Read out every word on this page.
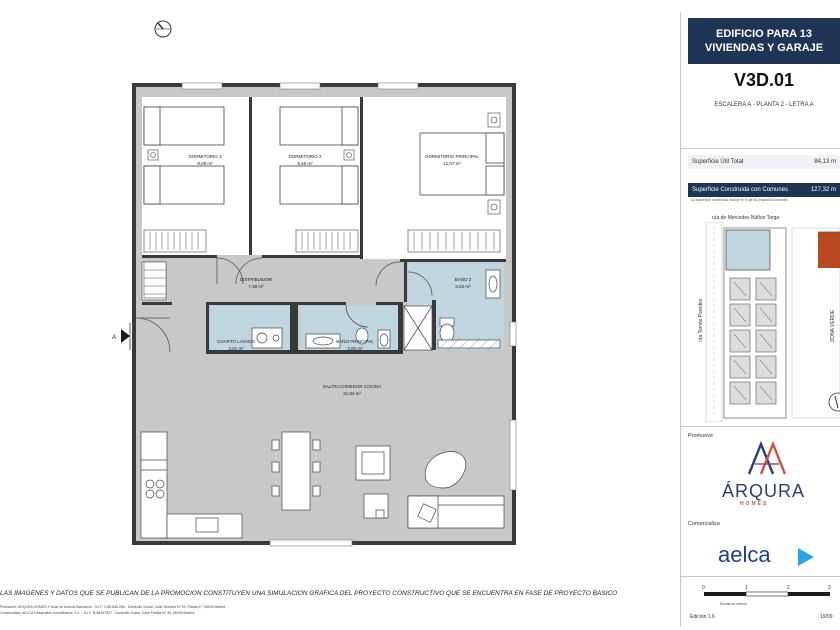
A
DORMITORIO 3
9,09 m²
DORMITORIO 2
9,46 m²
DORMITORIO PRINCIPAL
12,07 m²
DISTRIBUIDOR
7,38 m²
BAÑO 2
3,82 m²
CUARTO LAVADO
3,01 m²
BAÑO PRINCIPAL
3,80 m²
SALÓN COMEDOR COCINA
31,84 m²
EDIFICIO PARA 13
VIVIENDAS Y GARAJE
V3D.01
ESCALERA A - PLANTA 2 - LETRA A
Superficie Útil Total	84,13 m
Superficie Construida con Comunes	127,32 m
La superficie construida incluye el % de los espacios comunes
rúa de Mercedes Núñez Targa
rúa Tomás Paredes	ZONA VERDE
Promueve
ÁRQURA
HOMES
Comercializa
aelca
0	1	2	3
Escala en metros
Edición 1.6	19/09
LAS IMÁGENES Y DATOS QUE SE PUBLICAN DE LA PROMOCIÓN CONSTITUYEN UNA SIMULACIÓN GRÁFICA DEL PROYECTO CONSTRUCTIVO QUE SE ENCUENTRA EN FASE DE PROYECTO BÁSICO
Promueve: ÁRQURA HOMES, Fondo de Activos Bancarios - N.I.F. V-86.836.256 - Domicilio Social: Calle Serrano Nº 90, Planta 4ª, 28006 Madrid
Comercializa: AELCA Desarrollos Inmobiliarios, S.L. - N.I.F. B-86347537 - Domicilio Social: Calle Padilla Nº 36, 28006 Madrid
